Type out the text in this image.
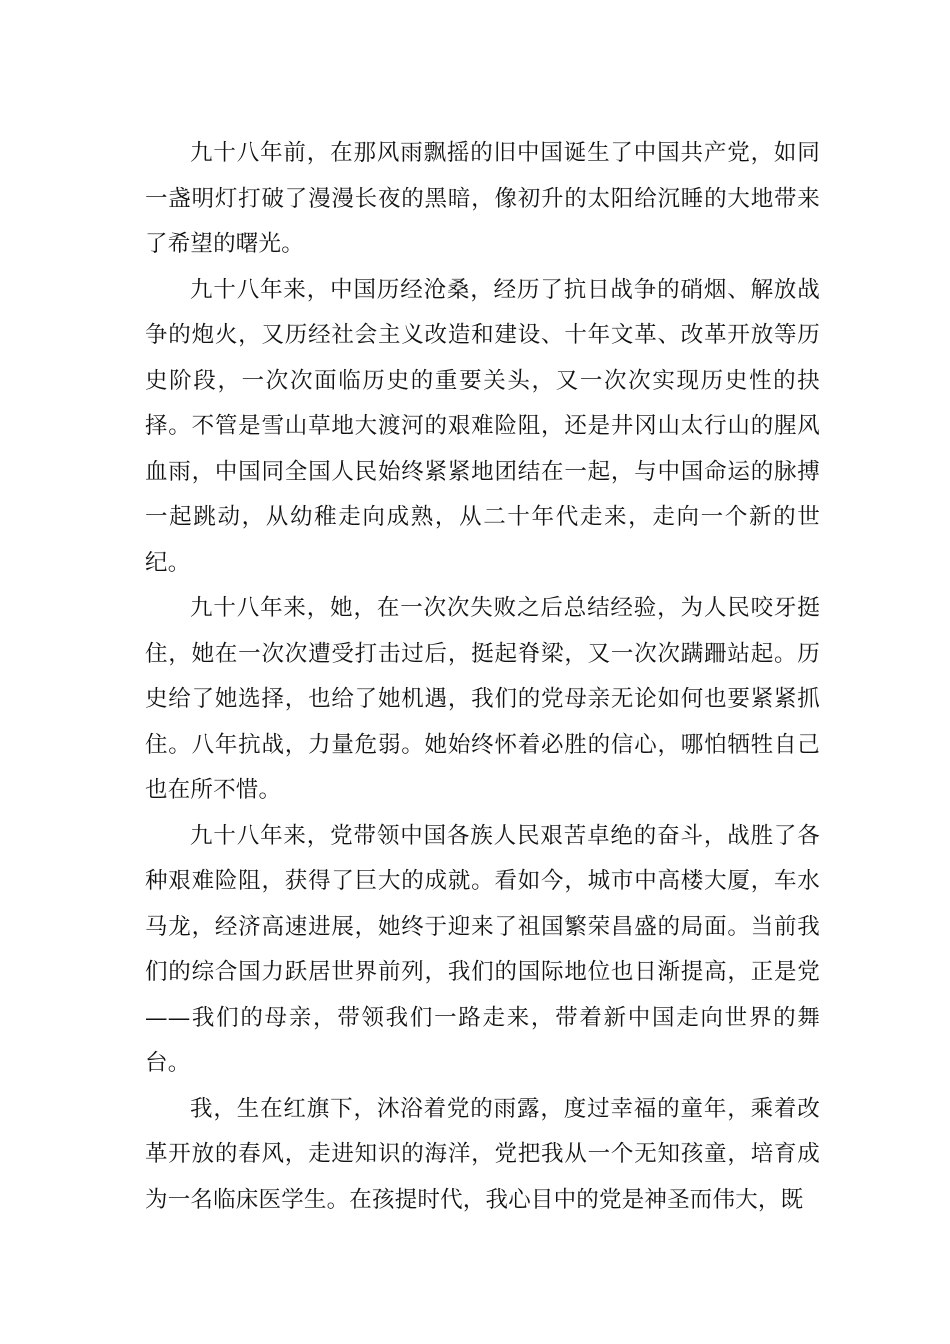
九十八年前，在那风雨飘摇的旧中国诞生了中国共产党，如同一盏明灯打破了漫漫长夜的黑暗，像初升的太阳给沉睡的大地带来了希望的曙光。

九十八年来，中国历经沧桑，经历了抗日战争的硝烟、解放战争的炮火，又历经社会主义改造和建设、十年文革、改革开放等历史阶段，一次次面临历史的重要关头，又一次次实现历史性的抉择。不管是雪山草地大渡河的艰难险阻，还是井冈山太行山的腥风血雨，中国同全国人民始终紧紧地团结在一起，与中国命运的脉搏一起跳动，从幼稚走向成熟，从二十年代走来，走向一个新的世纪。

九十八年来，她，在一次次失败之后总结经验，为人民咬牙挺住，她在一次次遭受打击过后，挺起脊梁，又一次次蹒跚站起。历史给了她选择，也给了她机遇，我们的党母亲无论如何也要紧紧抓住。八年抗战，力量危弱。她始终怀着必胜的信心，哪怕牺牲自己也在所不惜。

九十八年来，党带领中国各族人民艰苦卓绝的奋斗，战胜了各种艰难险阻，获得了巨大的成就。看如今，城市中高楼大厦，车水马龙，经济高速进展，她终于迎来了祖国繁荣昌盛的局面。当前我们的综合国力跃居世界前列，我们的国际地位也日渐提高，正是党——我们的母亲，带领我们一路走来，带着新中国走向世界的舞台。

我，生在红旗下，沐浴着党的雨露，度过幸福的童年，乘着改革开放的春风，走进知识的海洋，党把我从一个无知孩童，培育成为一名临床医学生。在孩提时代，我心目中的党是神圣而伟大，既
